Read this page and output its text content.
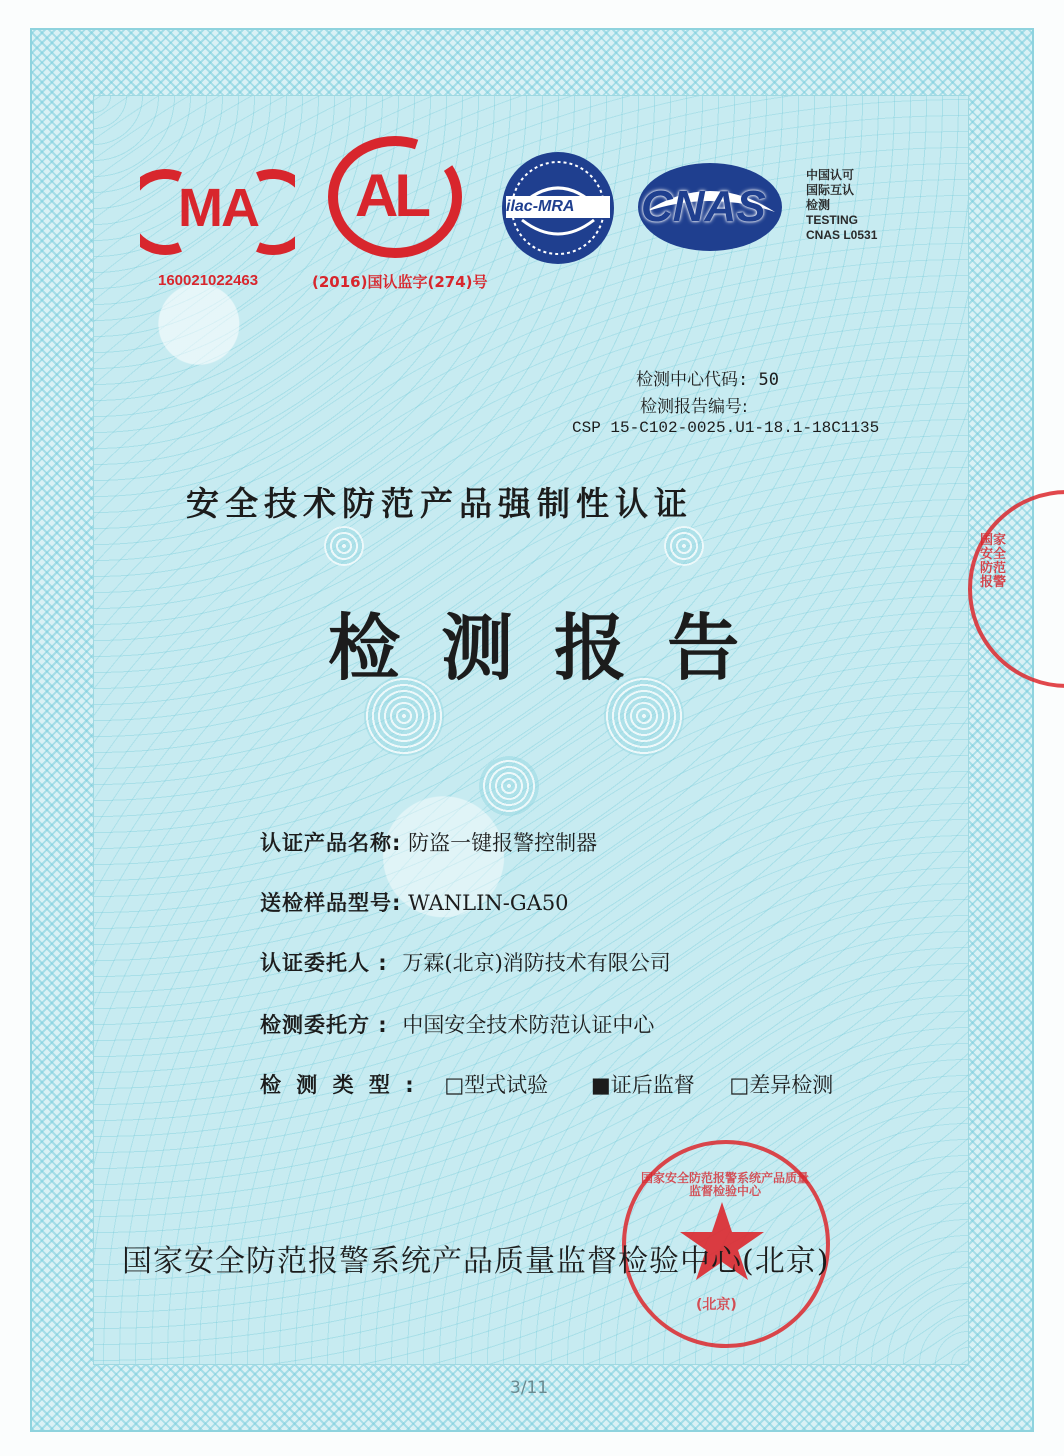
MA
160021022463
AL
(2016)国认监字(274)号
ilac-MRA CNAS
中国认可
国际互认
检测
TESTING
CNAS L0531
检测中心代码: 50
检测报告编号:
CSP 15-C102-0025.U1-18.1-18C1135
安全技术防范产品强制性认证
检 测 报 告
认证产品名称: 防盗一键报警控制器
送检样品型号: WANLIN-GA50
认证委托人 : 万霖(北京)消防技术有限公司
检测委托方 : 中国安全技术防范认证中心
检 测 类 型 : □型式试验 ■证后监督 □差异检测
国家安全防范报警系统产品质量监督检验中心
(北京)
国家安全防范报警
国家安全防范报警系统产品质量监督检验中心(北京)
3/11
